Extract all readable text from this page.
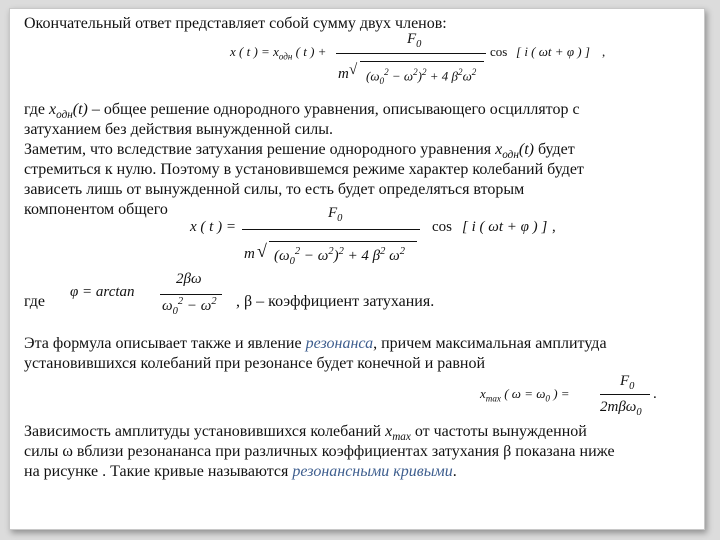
Окончательный ответ представляет собой сумму двух членов:
x ( t ) = $x_{одн}$ ( t ) +
$F_0$
m √ $(\omega_0^2 - \omega^2)^2 + 4$ $\beta^2\omega^2$
cos [ i ( ωt + φ ) ] ,
где $x_{одн}(t)$ – общее решение однородного уравнения, описывающего осциллятор с
затуханием без действия вынужденной силы.
Заметим, что вследствие затухания решение однородного уравнения $x_{одн}(t)$ будет
стремиться к нулю. Поэтому в установившемся режиме характер колебаний будет
зависеть лишь от вынужденной силы, то есть будет определяться вторым
компонентом общего
x ( t ) =
$F_0$
m √ $(\omega_0^2 - \omega^2)^2 + 4$ $\beta^2$ $\omega^2$
cos [ i ( ωt + φ ) ] ,
где
φ = arctan
2βω
$\omega_0^2 - \omega^2$ , β – коэффициент затухания.
Эта формула описывает также и явление резонанса, причем максимальная амплитуда
установившихся колебаний при резонансе будет конечной и равной
$x_{max}$ ( $\omega = \omega_0$ ) =
$F_0$
2mβω$_0$
.
Зависимость амплитуды установившихся колебаний $x_{max}$ от частоты вынужденной
силы ω вблизи резонананса при различных коэффициентах затухания β показана ниже
на рисунке . Такие кривые называются резонансными кривыми.
